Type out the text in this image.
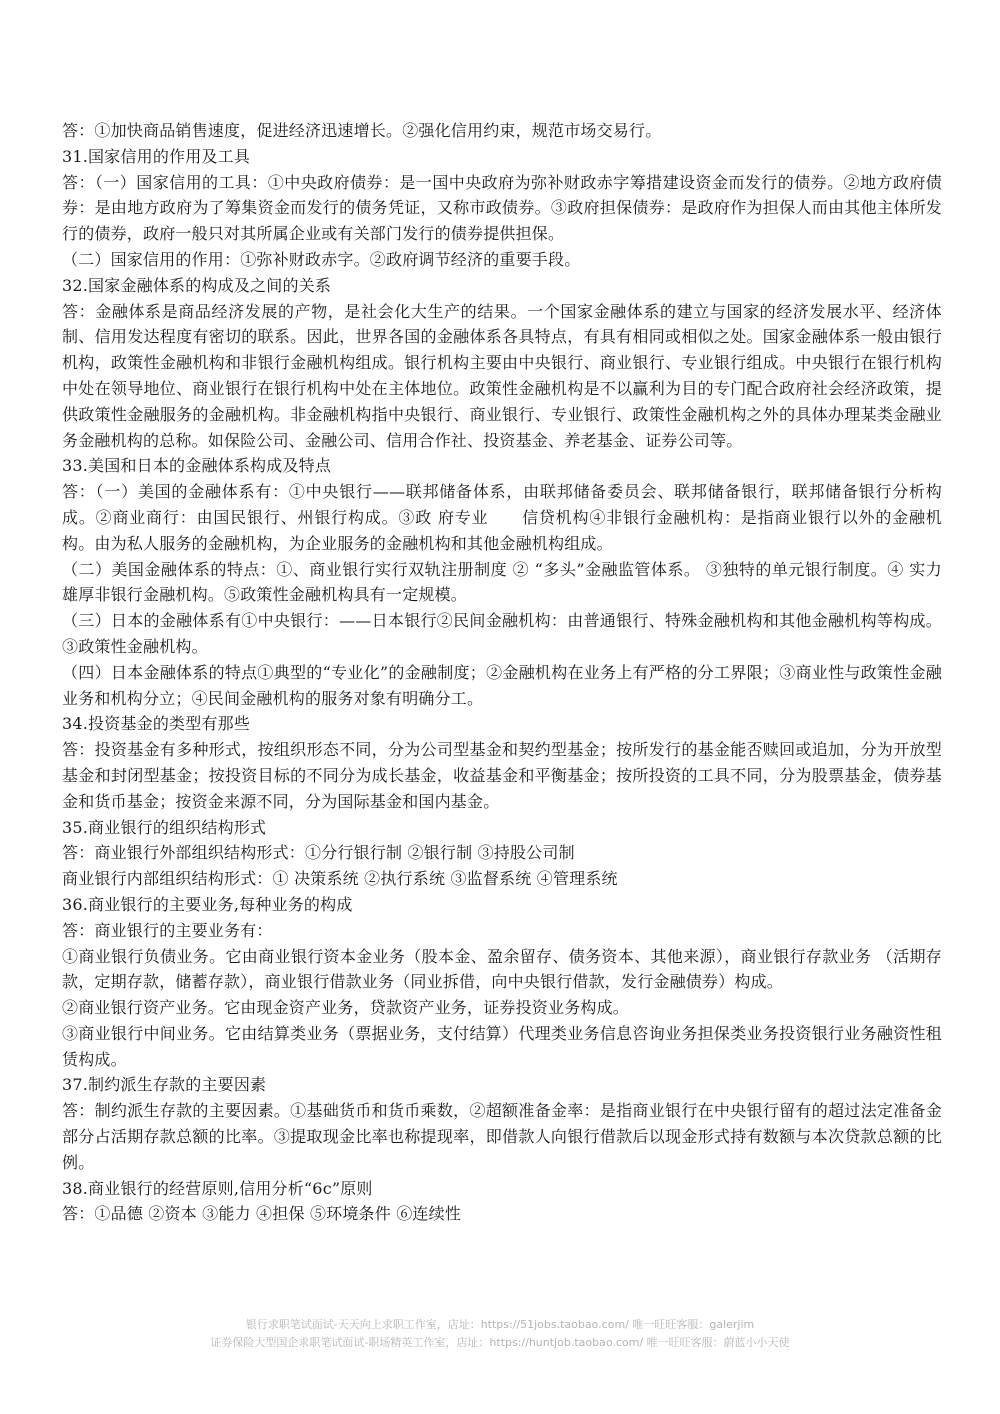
答：①加快商品销售速度，促进经济迅速增长。②强化信用约束，规范市场交易行。

31.国家信用的作用及工具

答：（一）国家信用的工具：①中央政府债券：是一国中央政府为弥补财政赤字筹措建设资金而发行的债券。②地方政府债券：是由地方政府为了筹集资金而发行的债务凭证，又称市政债券。③政府担保债券：是政府作为担保人而由其他主体所发行的债券，政府一般只对其所属企业或有关部门发行的债券提供担保。

（二）国家信用的作用：①弥补财政赤字。②政府调节经济的重要手段。

32.国家金融体系的构成及之间的关系

答：金融体系是商品经济发展的产物，是社会化大生产的结果。一个国家金融体系的建立与国家的经济发展水平、经济体制、信用发达程度有密切的联系。因此，世界各国的金融体系各具特点，有具有相同或相似之处。国家金融体系一般由银行机构，政策性金融机构和非银行金融机构组成。银行机构主要由中央银行、商业银行、专业银行组成。中央银行在银行机构中处在领导地位、商业银行在银行机构中处在主体地位。政策性金融机构是不以赢利为目的专门配合政府社会经济政策，提供政策性金融服务的金融机构。非金融机构指中央银行、商业银行、专业银行、政策性金融机构之外的具体办理某类金融业务金融机构的总称。如保险公司、金融公司、信用合作社、投资基金、养老基金、证券公司等。

33.美国和日本的金融体系构成及特点

答：（一）美国的金融体系有：①中央银行——联邦储备体系，由联邦储备委员会、联邦储备银行，联邦储备银行分析构成。②商业商行：由国民银行、州银行构成。③政 府专业　　信贷机构④非银行金融机构：是指商业银行以外的金融机构。由为私人服务的金融机构，为企业服务的金融机构和其他金融机构组成。

（二）美国金融体系的特点：①、商业银行实行双轨注册制度 ② “多头”金融监管体系。 ③独特的单元银行制度。④ 实力雄厚非银行金融机构。⑤政策性金融机构具有一定规模。

（三）日本的金融体系有①中央银行：——日本银行②民间金融机构：由普通银行、特殊金融机构和其他金融机构等构成。③政策性金融机构。

（四）日本金融体系的特点①典型的“专业化”的金融制度；②金融机构在业务上有严格的分工界限；③商业性与政策性金融业务和机构分立；④民间金融机构的服务对象有明确分工。

34.投资基金的类型有那些

答：投资基金有多种形式，按组织形态不同，分为公司型基金和契约型基金；按所发行的基金能否赎回或追加，分为开放型基金和封闭型基金；按投资目标的不同分为成长基金，收益基金和平衡基金；按所投资的工具不同，分为股票基金，债券基金和货币基金；按资金来源不同，分为国际基金和国内基金。

35.商业银行的组织结构形式

答：商业银行外部组织结构形式：①分行银行制 ②银行制 ③持股公司制

商业银行内部组织结构形式：① 决策系统 ②执行系统 ③监督系统 ④管理系统

36.商业银行的主要业务,每种业务的构成

答：商业银行的主要业务有：

①商业银行负债业务。它由商业银行资本金业务（股本金、盈余留存、债务资本、其他来源），商业银行存款业务 （活期存款，定期存款，储蓄存款），商业银行借款业务（同业拆借，向中央银行借款，发行金融债券）构成。

②商业银行资产业务。它由现金资产业务，贷款资产业务，证券投资业务构成。

③商业银行中间业务。它由结算类业务（票据业务，支付结算）代理类业务信息咨询业务担保类业务投资银行业务融资性租赁构成。

37.制约派生存款的主要因素

答：制约派生存款的主要因素。①基础货币和货币乘数，②超额准备金率：是指商业银行在中央银行留有的超过法定准备金部分占活期存款总额的比率。③提取现金比率也称提现率，即借款人向银行借款后以现金形式持有数额与本次贷款总额的比例。

38.商业银行的经营原则,信用分析“6c”原则

答：①品德 ②资本 ③能力 ④担保 ⑤环境条件 ⑥连续性

银行求职笔试面试-天天向上求职工作室，店址：https://51jobs.taobao.com/ 唯一旺旺客服：galerjim
证券保险大型国企求职笔试面试-职场精英工作室，店址：https://huntjob.taobao.com/ 唯一旺旺客服：蔚蓝小小天使
